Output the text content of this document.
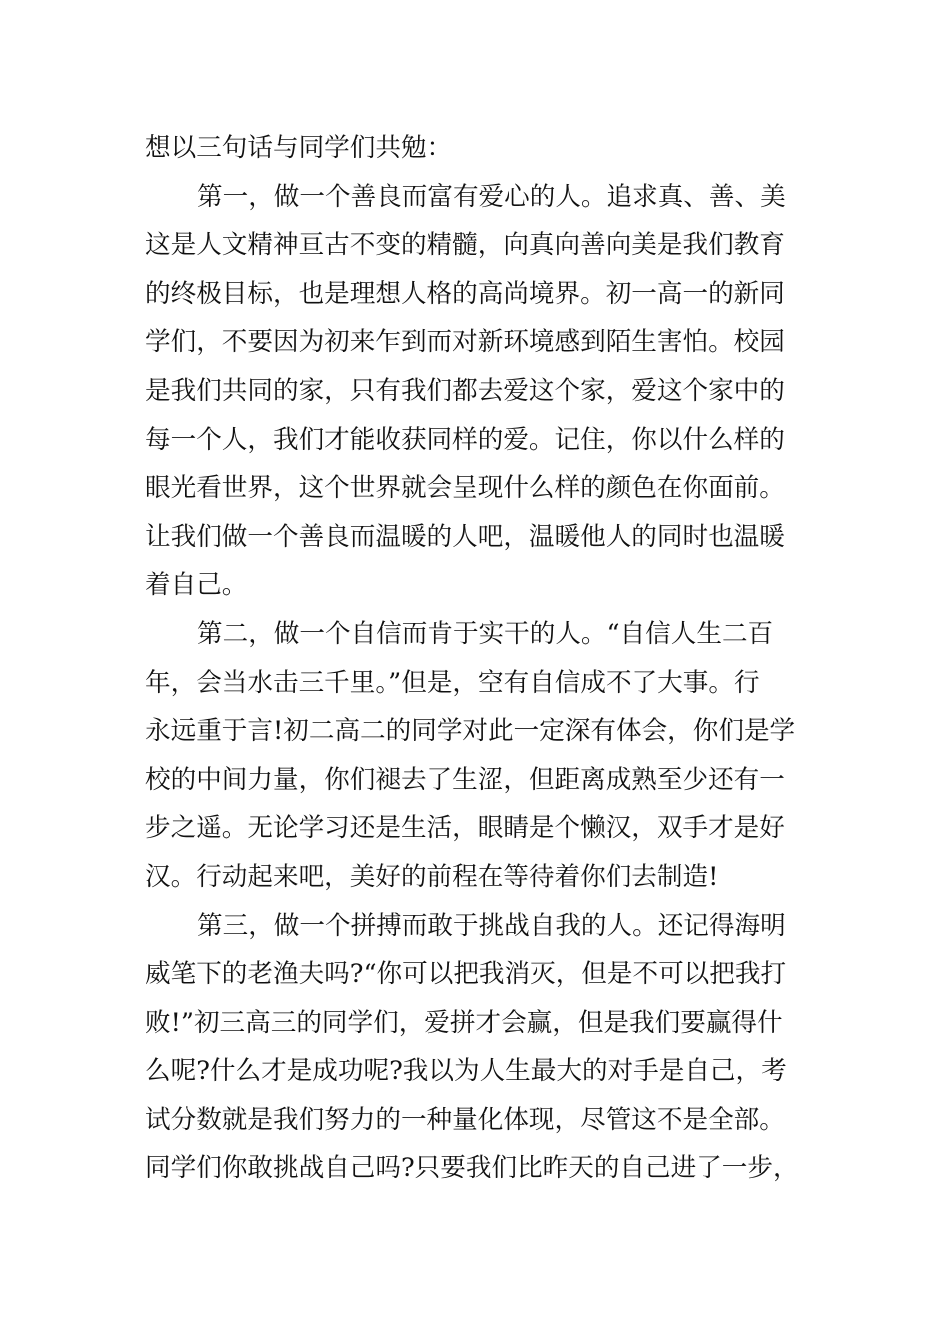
想以三句话与同学们共勉：
第一，做一个善良而富有爱心的人。追求真、善、美
这是人文精神亘古不变的精髓，向真向善向美是我们教育
的终极目标，也是理想人格的高尚境界。初一高一的新同
学们，不要因为初来乍到而对新环境感到陌生害怕。校园
是我们共同的家，只有我们都去爱这个家，爱这个家中的
每一个人，我们才能收获同样的爱。记住，你以什么样的
眼光看世界，这个世界就会呈现什么样的颜色在你面前。
让我们做一个善良而温暖的人吧，温暖他人的同时也温暖
着自己。
第二，做一个自信而肯于实干的人。“自信人生二百
年，会当水击三千里。”但是，空有自信成不了大事。行
永远重于言!初二高二的同学对此一定深有体会，你们是学
校的中间力量，你们褪去了生涩，但距离成熟至少还有一
步之遥。无论学习还是生活，眼睛是个懒汉，双手才是好
汉。行动起来吧，美好的前程在等待着你们去制造!
第三，做一个拼搏而敢于挑战自我的人。还记得海明
威笔下的老渔夫吗?“你可以把我消灭，但是不可以把我打
败!”初三高三的同学们，爱拼才会赢，但是我们要赢得什
么呢?什么才是成功呢?我以为人生最大的对手是自己，考
试分数就是我们努力的一种量化体现，尽管这不是全部。
同学们你敢挑战自己吗?只要我们比昨天的自己进了一步，
